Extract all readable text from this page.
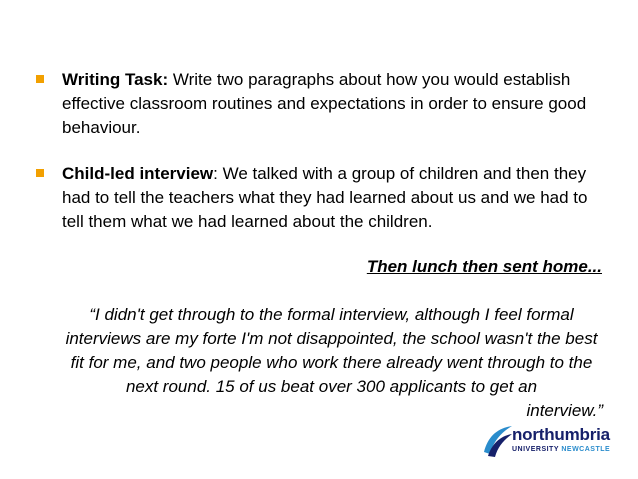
Writing Task: Write two paragraphs about how you would establish effective classroom routines and expectations in order to ensure good behaviour.
Child-led interview: We talked with a group of children and then they had to tell the teachers what they had learned about us and we had to tell them what we had learned about the children.
Then lunch then sent home...
“I didn't get through to the formal interview, although I feel formal interviews are my forte I'm not disappointed, the school wasn't the best fit for me, and two people who work there already went through to the next round. 15 of us beat over 300 applicants to get an
interview.”
northumbria
UNIVERSITY NEWCASTLE
